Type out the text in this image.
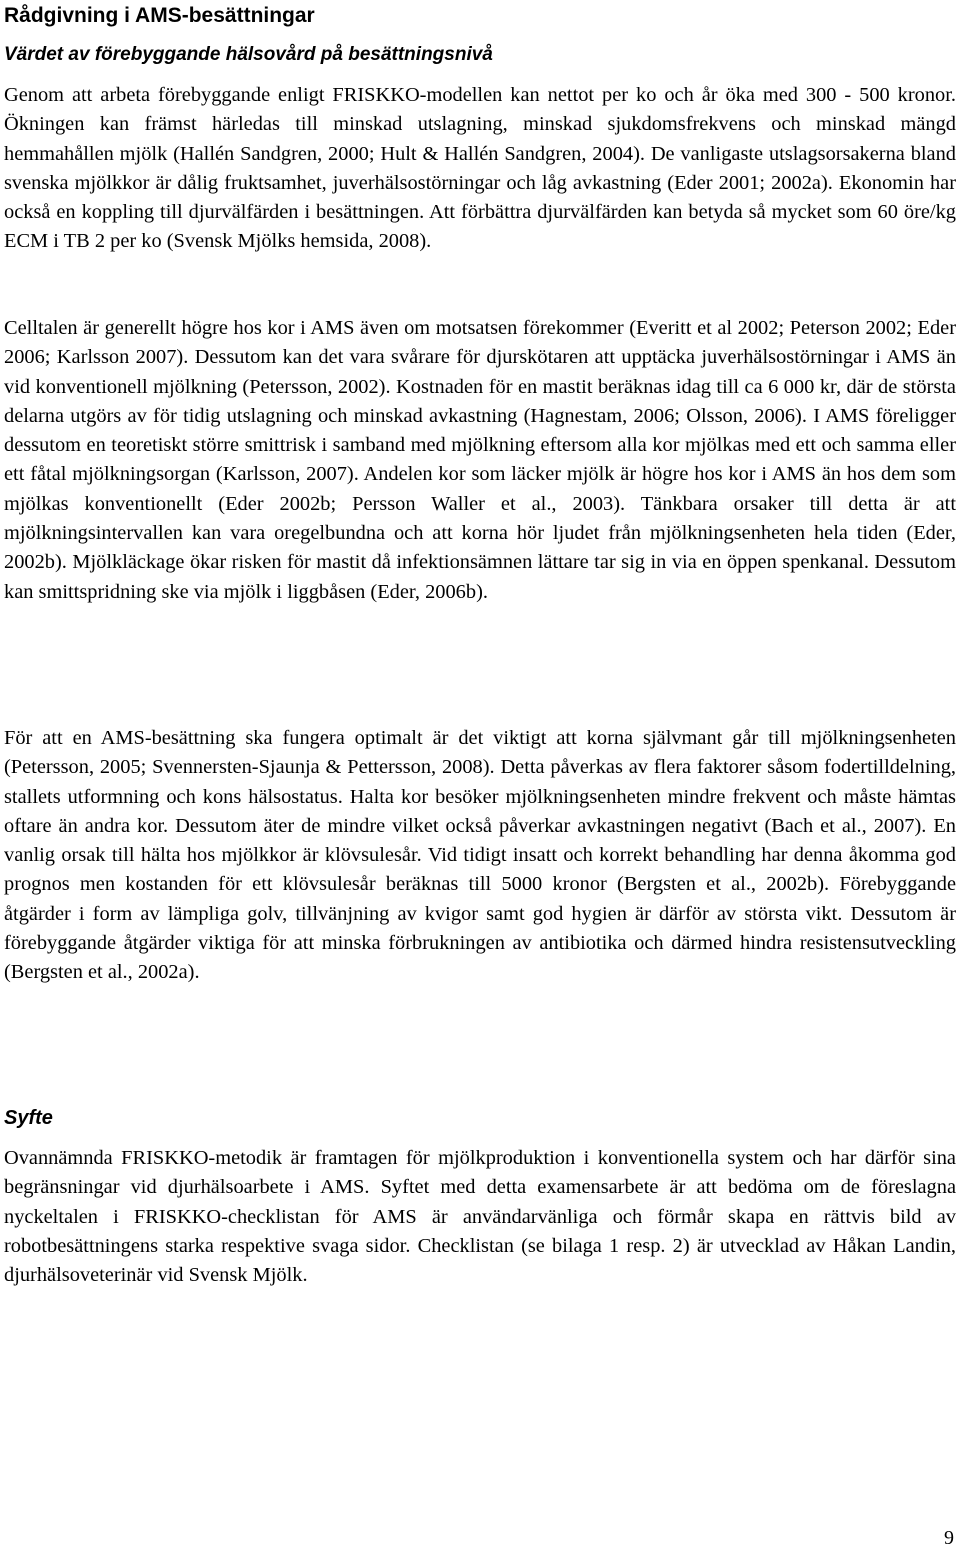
Rådgivning i AMS-besättningar
Värdet av förebyggande hälsovård på besättningsnivå

Genom att arbeta förebyggande enligt FRISKKO-modellen kan nettot per ko och år öka med 300 - 500 kronor. Ökningen kan främst härledas till minskad utslagning, minskad sjukdomsfrekvens och minskad mängd hemmahållen mjölk (Hallén Sandgren, 2000; Hult & Hallén Sandgren, 2004). De vanligaste utslagsorsakerna bland svenska mjölkkor är dålig fruktsamhet, juverhälsostörningar och låg avkastning (Eder 2001; 2002a). Ekonomin har också en koppling till djurvälfärden i besättningen. Att förbättra djurvälfärden kan betyda så mycket som 60 öre/kg ECM i TB 2 per ko (Svensk Mjölks hemsida, 2008).

Celltalen är generellt högre hos kor i AMS även om motsatsen förekommer (Everitt et al 2002; Peterson 2002; Eder 2006; Karlsson 2007). Dessutom kan det vara svårare för djurskötaren att upptäcka juverhälsostörningar i AMS än vid konventionell mjölkning (Petersson, 2002). Kostnaden för en mastit beräknas idag till ca 6 000 kr, där de största delarna utgörs av för tidig utslagning och minskad avkastning (Hagnestam, 2006; Olsson, 2006). I AMS föreligger dessutom en teoretiskt större smittrisk i samband med mjölkning eftersom alla kor mjölkas med ett och samma eller ett fåtal mjölkningsorgan (Karlsson, 2007). Andelen kor som läcker mjölk är högre hos kor i AMS än hos dem som mjölkas konventionellt (Eder 2002b; Persson Waller et al., 2003). Tänkbara orsaker till detta är att mjölkningsintervallen kan vara oregelbundna och att korna hör ljudet från mjölkningsenheten hela tiden (Eder, 2002b). Mjölkläckage ökar risken för mastit då infektionsämnen lättare tar sig in via en öppen spenkanal. Dessutom kan smittspridning ske via mjölk i liggbåsen (Eder, 2006b).

För att en AMS-besättning ska fungera optimalt är det viktigt att korna självmant går till mjölkningsenheten (Petersson, 2005; Svennersten-Sjaunja & Pettersson, 2008). Detta påverkas av flera faktorer såsom fodertilldelning, stallets utformning och kons hälsostatus. Halta kor besöker mjölkningsenheten mindre frekvent och måste hämtas oftare än andra kor. Dessutom äter de mindre vilket också påverkar avkastningen negativt (Bach et al., 2007). En vanlig orsak till hälta hos mjölkkor är klövsulesår. Vid tidigt insatt och korrekt behandling har denna åkomma god prognos men kostanden för ett klövsulesår beräknas till 5000 kronor (Bergsten et al., 2002b). Förebyggande åtgärder i form av lämpliga golv, tillvänjning av kvigor samt god hygien är därför av största vikt. Dessutom är förebyggande åtgärder viktiga för att minska förbrukningen av antibiotika och därmed hindra resistensutveckling (Bergsten et al., 2002a).

Syfte

Ovannämnda FRISKKO-metodik är framtagen för mjölkproduktion i konventionella system och har därför sina begränsningar vid djurhälsoarbete i AMS. Syftet med detta examensarbete är att bedöma om de föreslagna nyckeltalen i FRISKKO-checklistan för AMS är användarvänliga och förmår skapa en rättvis bild av robotbesättningens starka respektive svaga sidor. Checklistan (se bilaga 1 resp. 2) är utvecklad av Håkan Landin, djurhälsoveterinär vid Svensk Mjölk.

9
